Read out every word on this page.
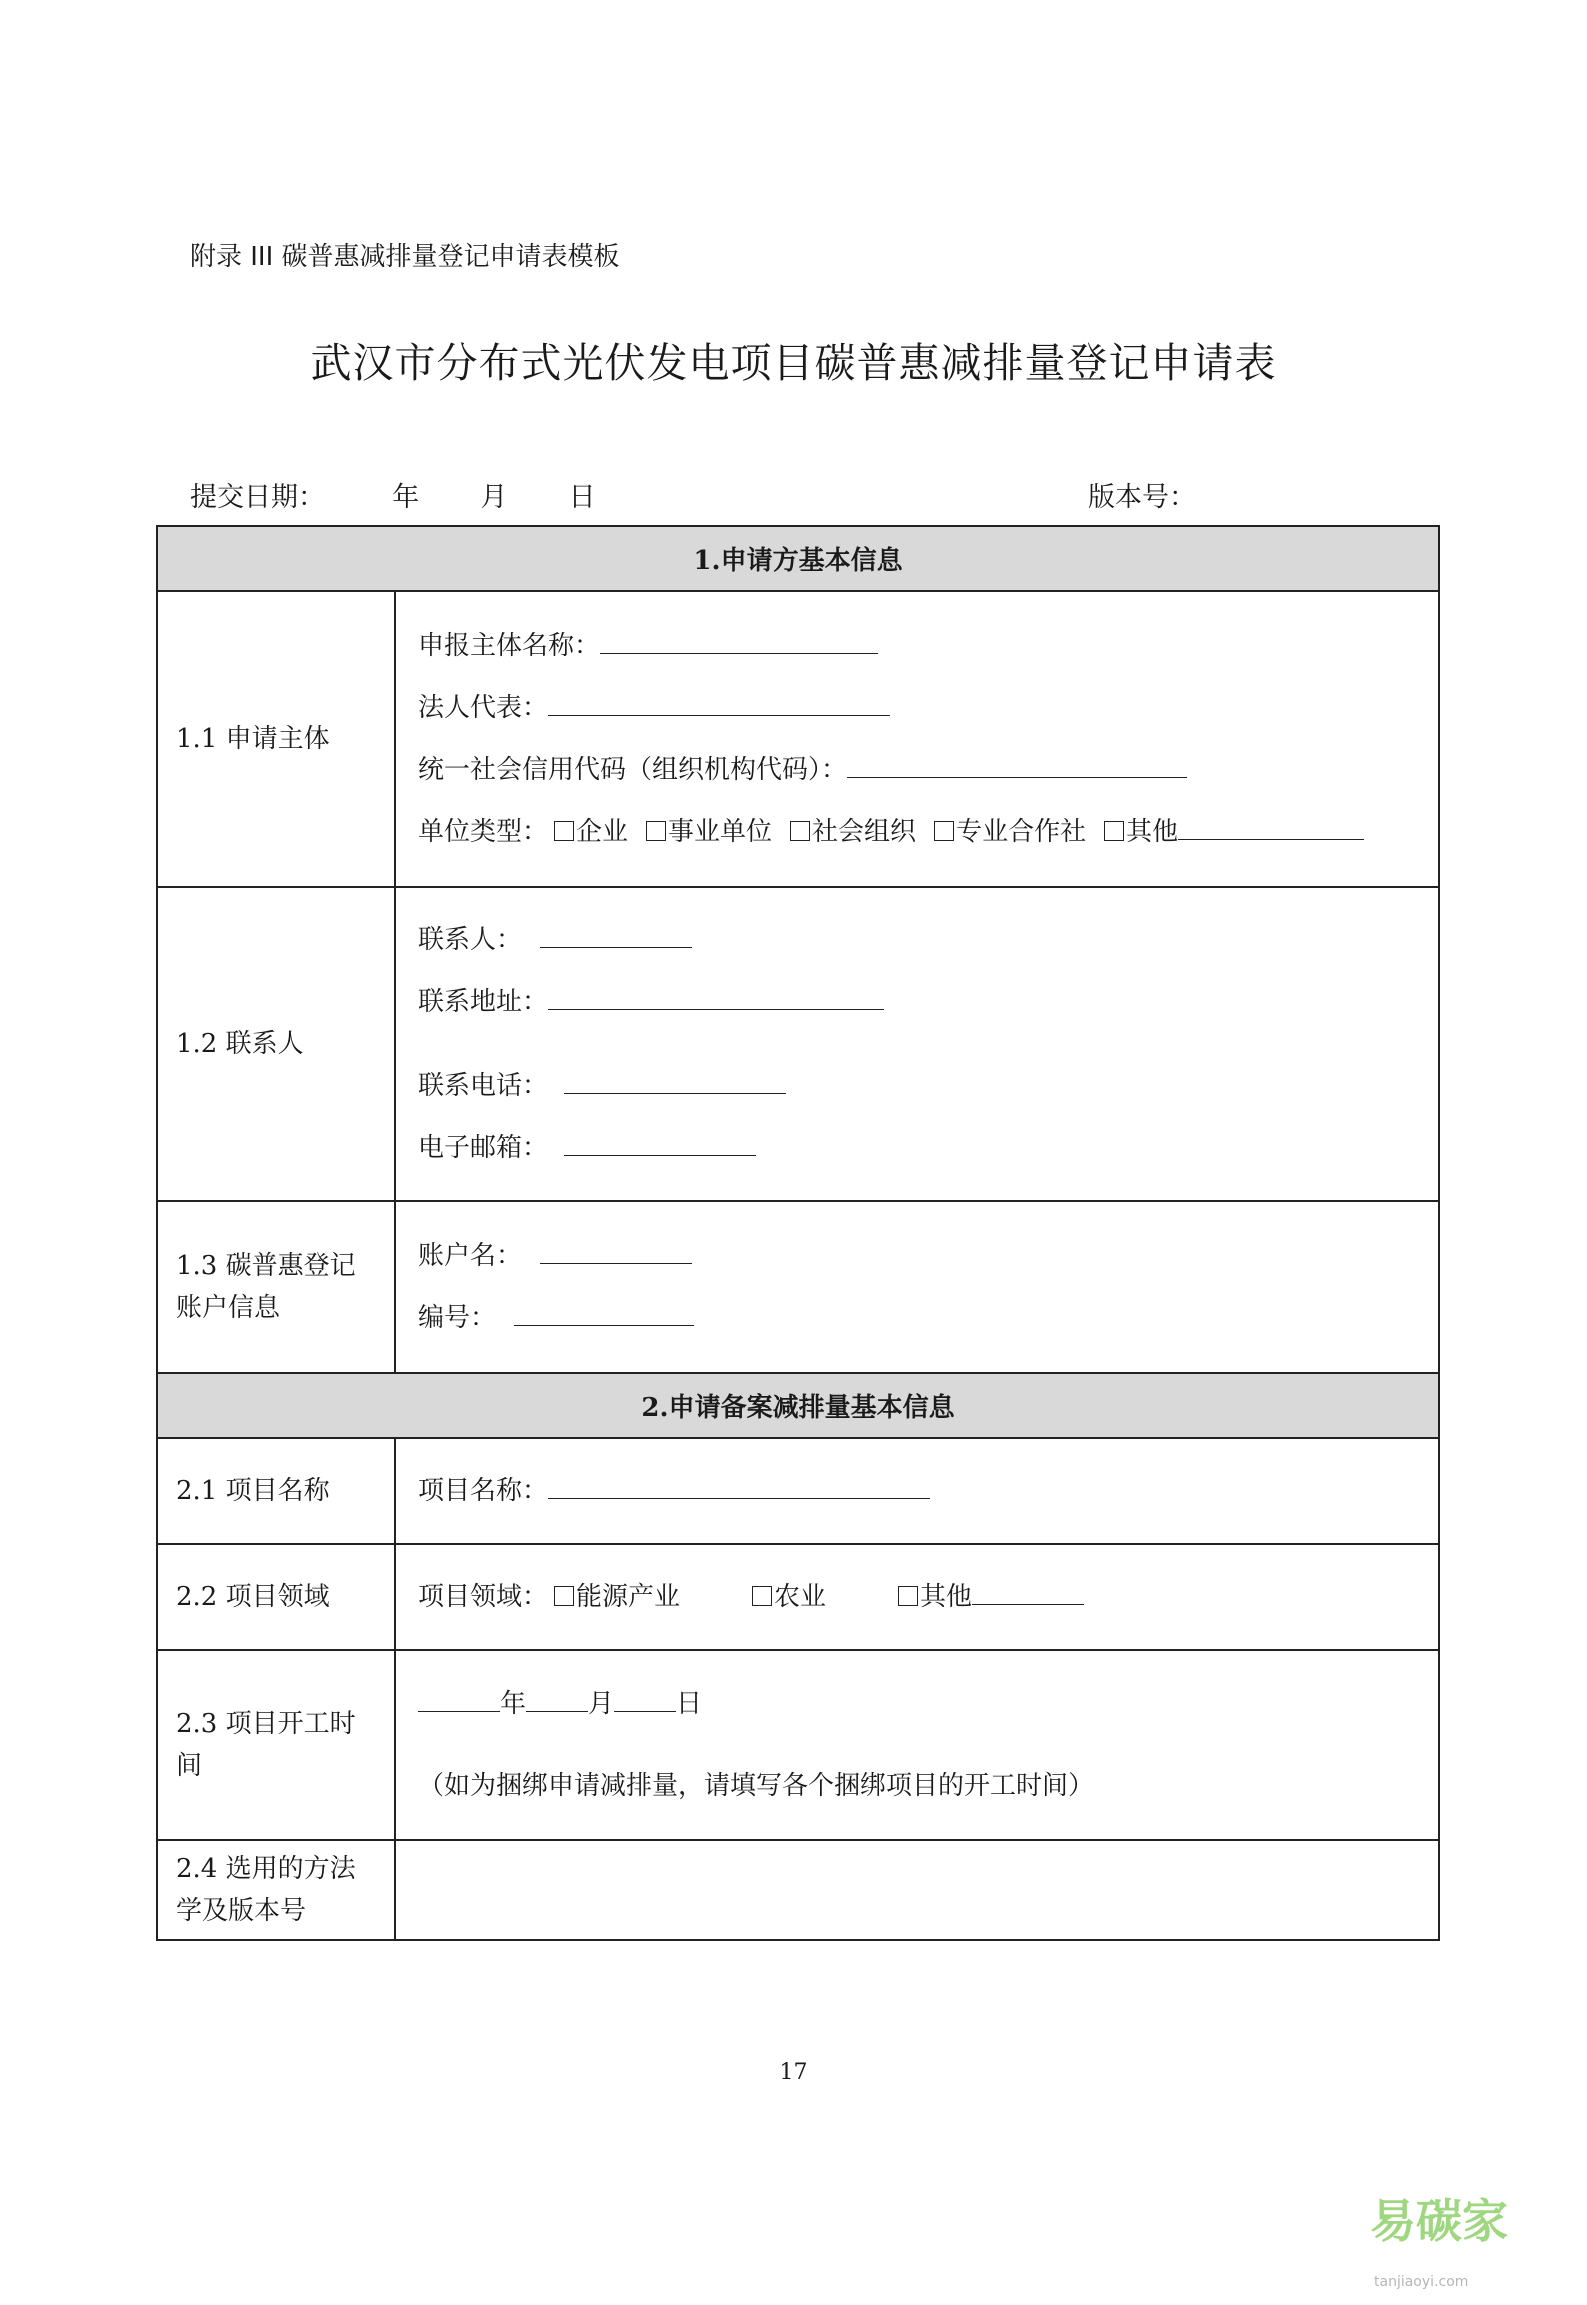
附录 III 碳普惠减排量登记申请表模板
武汉市分布式光伏发电项目碳普惠减排量登记申请表
提交日期： 年 月 日	版本号：
1.申请方基本信息	
1.1 申请主体	申报主体名称：

法人代表：

统一社会信用代码（组织机构代码）：

单位类型： 企业 事业单位 社会组织 专业合作社 其他

1.2 联系人	联系人：

联系地址：

联系电话：

电子邮箱：

1.3 碳普惠登记账户信息	账户名：

编号：

2.申请备案减排量基本信息	
2.1 项目名称	项目名称：

2.2 项目领域	项目领域： 能源产业 农业 其他

2.3 项目开工时间	年 月 日

（如为捆绑申请减排量，请填写各个捆绑项目的开工时间）

2.4 选用的方法学及版本号	
17
易碳家tanjiaoyi.com
